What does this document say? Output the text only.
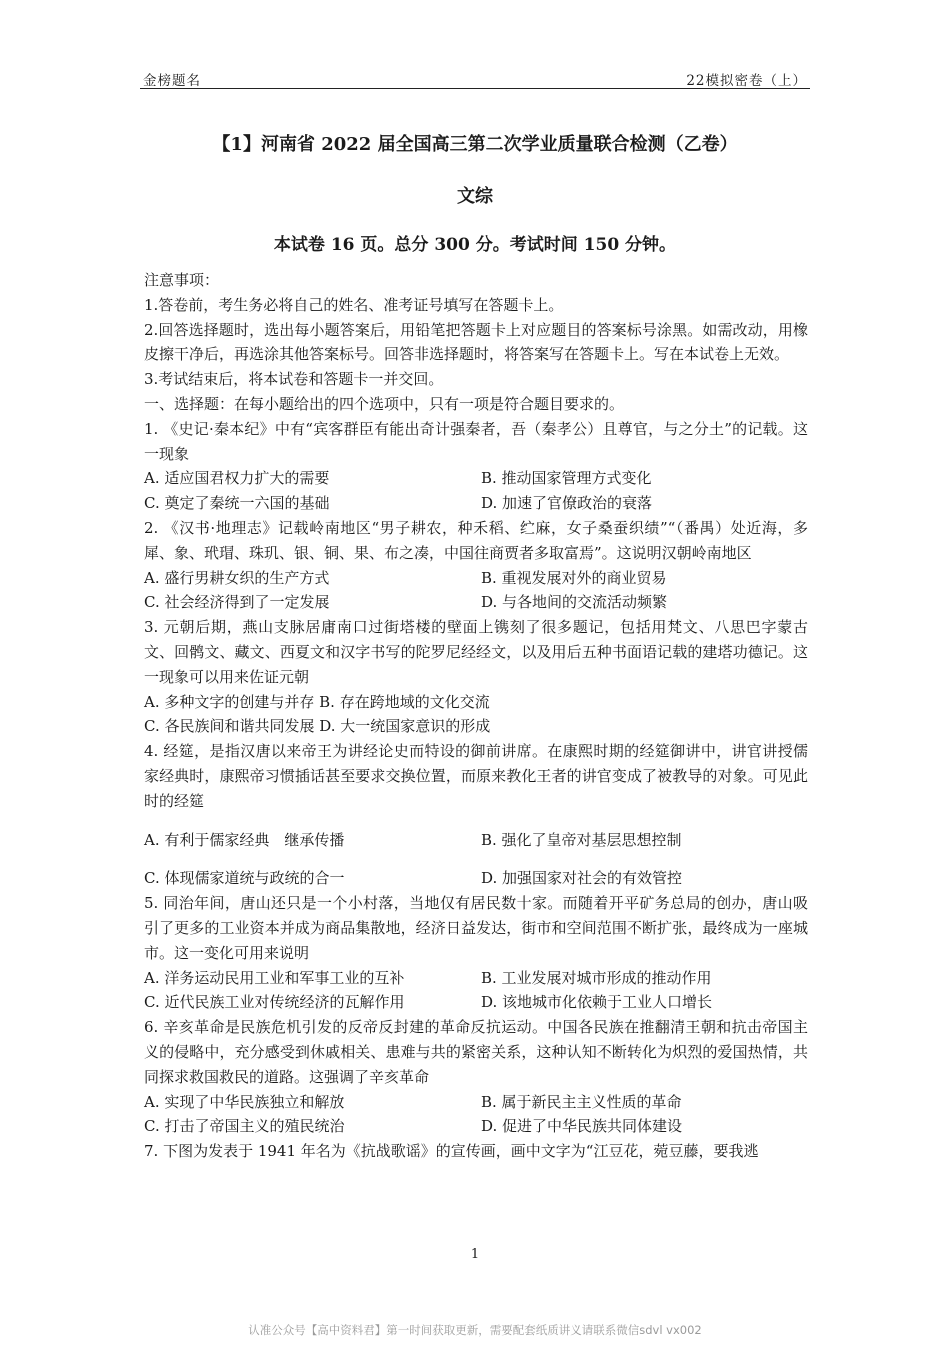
金榜题名	22模拟密卷（上）
【1】河南省 2022 届全国高三第二次学业质量联合检测（乙卷）
文综
本试卷 16 页。总分 300 分。考试时间 150 分钟。

注意事项：

1.答卷前，考生务必将自己的姓名、准考证号填写在答题卡上。

2.回答选择题时，选出每小题答案后，用铅笔把答题卡上对应题目的答案标号涂黑。如需改动，用橡皮擦干净后，再选涂其他答案标号。回答非选择题时，将答案写在答题卡上。写在本试卷上无效。

3.考试结束后，将本试卷和答题卡一并交回。

一、选择题：在每小题给出的四个选项中，只有一项是符合题目要求的。

1. 《史记·秦本纪》中有“宾客群臣有能出奇计强秦者，吾（秦孝公）且尊官，与之分土”的记载。这一现象

A. 适应国君权力扩大的需要	B. 推动国家管理方式变化
C. 奠定了秦统一六国的基础	D. 加速了官僚政治的衰落

2. 《汉书·地理志》记载岭南地区“男子耕农，种禾稻、纻麻，女子桑蚕织绩”“（番禺）处近海，多犀、象、玳瑁、珠玑、银、铜、果、布之凑，中国往商贾者多取富焉”。这说明汉朝岭南地区

A. 盛行男耕女织的生产方式	B. 重视发展对外的商业贸易
C. 社会经济得到了一定发展	D. 与各地间的交流活动频繁

3. 元朝后期，燕山支脉居庸南口过街塔楼的壁面上镌刻了很多题记，包括用梵文、八思巴字蒙古文、回鹘文、藏文、西夏文和汉字书写的陀罗尼经经文，以及用后五种书面语记载的建塔功德记。这一现象可以用来佐证元朝

A. 多种文字的创建与并存 B. 存在跨地域的文化交流

C. 各民族间和谐共同发展 D. 大一统国家意识的形成

4. 经筵，是指汉唐以来帝王为讲经论史而特设的御前讲席。在康熙时期的经筵御讲中，讲官讲授儒家经典时，康熙帝习惯插话甚至要求交换位置，而原来教化王者的讲官变成了被教导的对象。可见此时的经筵

A. 有利于儒家经典　继承传播	B. 强化了皇帝对基层思想控制
C. 体现儒家道统与政统的合一	D. 加强国家对社会的有效管控

5. 同治年间，唐山还只是一个小村落，当地仅有居民数十家。而随着开平矿务总局的创办，唐山吸引了更多的工业资本并成为商品集散地，经济日益发达，街市和空间范围不断扩张，最终成为一座城市。这一变化可用来说明

A. 洋务运动民用工业和军事工业的互补	B. 工业发展对城市形成的推动作用
C. 近代民族工业对传统经济的瓦解作用	D. 该地城市化依赖于工业人口增长

6. 辛亥革命是民族危机引发的反帝反封建的革命反抗运动。中国各民族在推翻清王朝和抗击帝国主义的侵略中，充分感受到休戚相关、患难与共的紧密关系，这种认知不断转化为炽烈的爱国热情，共同探求救国救民的道路。这强调了辛亥革命

A. 实现了中华民族独立和解放	B. 属于新民主主义性质的革命
C. 打击了帝国主义的殖民统治	D. 促进了中华民族共同体建设

7. 下图为发表于 1941 年名为《抗战歌谣》的宣传画，画中文字为“江豆花，菀豆藤，要我逃

1
认准公众号【高中资料君】第一时间获取更新，需要配套纸质讲义请联系微信sdvl vx002
